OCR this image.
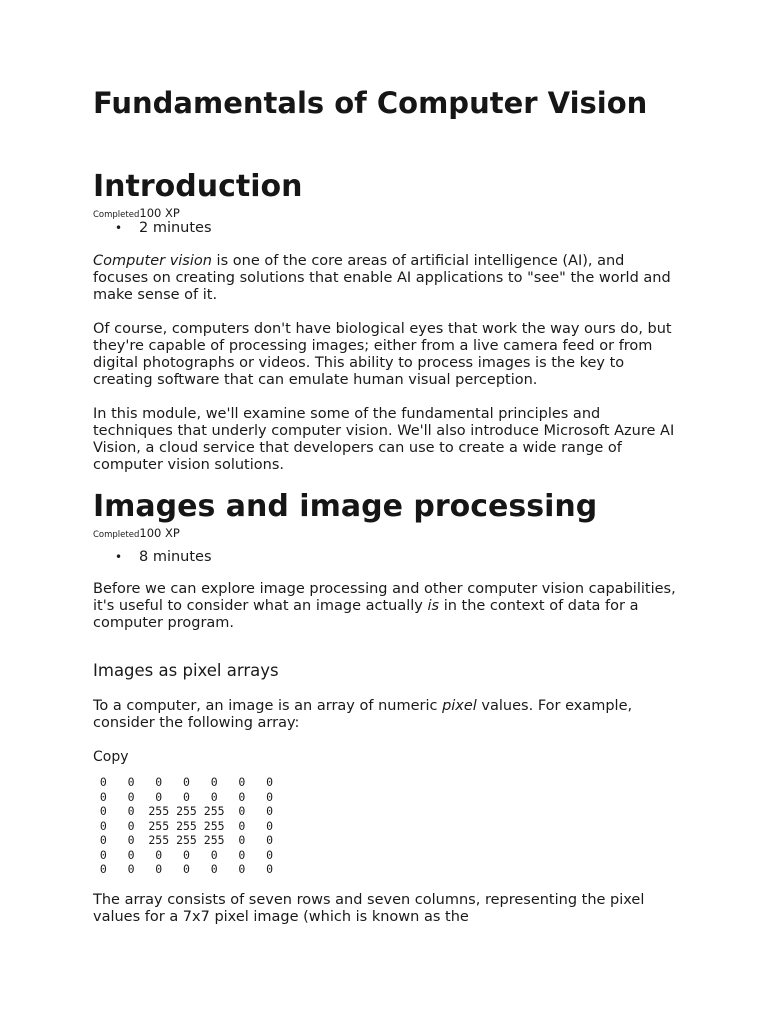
Fundamentals of Computer Vision
Introduction
Completed100 XP
• 2 minutes

Computer vision is one of the core areas of artificial intelligence (AI), and focuses on creating solutions that enable AI applications to "see" the world and make sense of it.

Of course, computers don't have biological eyes that work the way ours do, but they're capable of processing images; either from a live camera feed or from digital photographs or videos. This ability to process images is the key to creating software that can emulate human visual perception.

In this module, we'll examine some of the fundamental principles and techniques that underly computer vision. We'll also introduce Microsoft Azure AI Vision, a cloud service that developers can use to create a wide range of computer vision solutions.

Images and image processing
Completed100 XP
• 8 minutes

Before we can explore image processing and other computer vision capabilities, it's useful to consider what an image actually is in the context of data for a computer program.

Images as pixel arrays

To a computer, an image is an array of numeric pixel values. For example, consider the following array:

Copy
0   0   0   0   0   0   0
0   0   0   0   0   0   0
0   0  255 255 255  0   0
0   0  255 255 255  0   0
0   0  255 255 255  0   0
0   0   0   0   0   0   0
0   0   0   0   0   0   0

The array consists of seven rows and seven columns, representing the pixel values for a 7x7 pixel image (which is known as the
